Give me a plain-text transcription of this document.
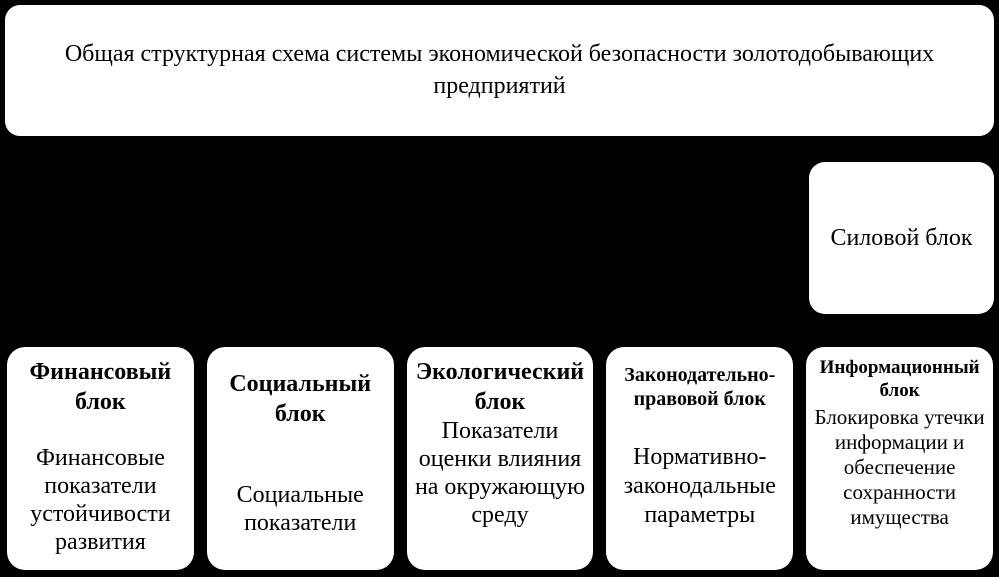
Общая структурная схема системы экономической безопасности золотодобывающих предприятий
Силовой блок
Финансовый блок
Финансовые показатели устойчивости развития
Социальный блок
Социальные показатели
Экологический блок
Показатели оценки влияния на окружающую среду
Законодательно-правовой блок
Нормативно-законодальные параметры
Информационный блок
Блокировка утечки информации и обеспечение сохранности имущества
